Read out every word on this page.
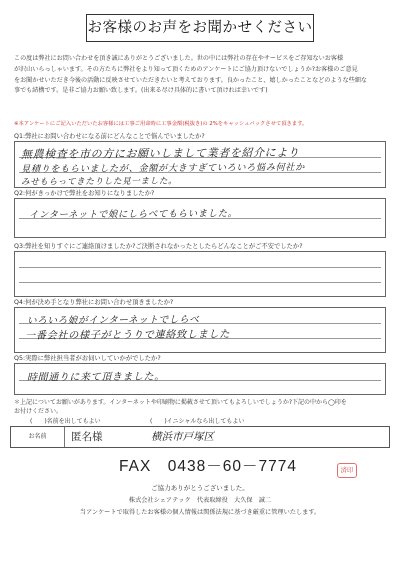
お客様のお声をお聞かせください
この度は弊社にお問い合わせを頂き誠にありがとうございました。世の中には弊社の存在やサービスをご存知ないお客様
が沢山いらっしゃいます。その方たちに弊社をより知って頂くためのアンケートにご協力頂けないでしょうか?お客様のご意見
をお聞かせいただき今後の活動に反映させていただきたいと考えております。良かったこと、嬉しかったことなどのような些細な
事でも結構です。是非ご協力お願い致します。(出来る尽け具体的に書いて頂ければ幸いです)
※本アンケートにご記入いただいたお客様には工事ご用命時に工事金額(税抜き)の 2%をキャッシュバックさせて頂きます。
Q1:弊社にお問い合わせになる前にどんなことで悩んでいましたか?
無農検査を市の方にお願いしまして業者を紹介により
見積りをもらいましたが、金額が大きすぎていろいろ悩み何社か
みせもらってきたりした見一ました。
Q2:何がきっかけで弊社をお知りになりましたか?
インターネットで娘にしらべてもらいました。
Q3:弊社を知りすぐにご連絡頂けましたか?ご決断されなかったとしたらどんなことがご不安でしたか?
Q4:何が決め手となり弊社にお問い合わせ頂きましたか?
いろいろ娘がインターネットでしらべ
一番会社の様子がとうりで連絡致しました
Q5:実際に弊社担当者がお伺いしていかがでしたか?
時間通りに来て頂きました。
お名前	匿名様	横浜市戸塚区
FAX　0438－60－7774	済印
ご協力ありがとうございました。
株式会社シェアテック　代表取締役　大久保　誠二
当アンケートで取得したお客様の個人情報は関係法規に基づき厳重に管理いたします。
＊上記についてお願いがあります。インターネットや印刷物に掲載させて頂いてもよろしいでしょうか?下記の中から◯印を
お付けください。
(　　)名前を出してもよい	(　　)イニシャルなら出してもよい
